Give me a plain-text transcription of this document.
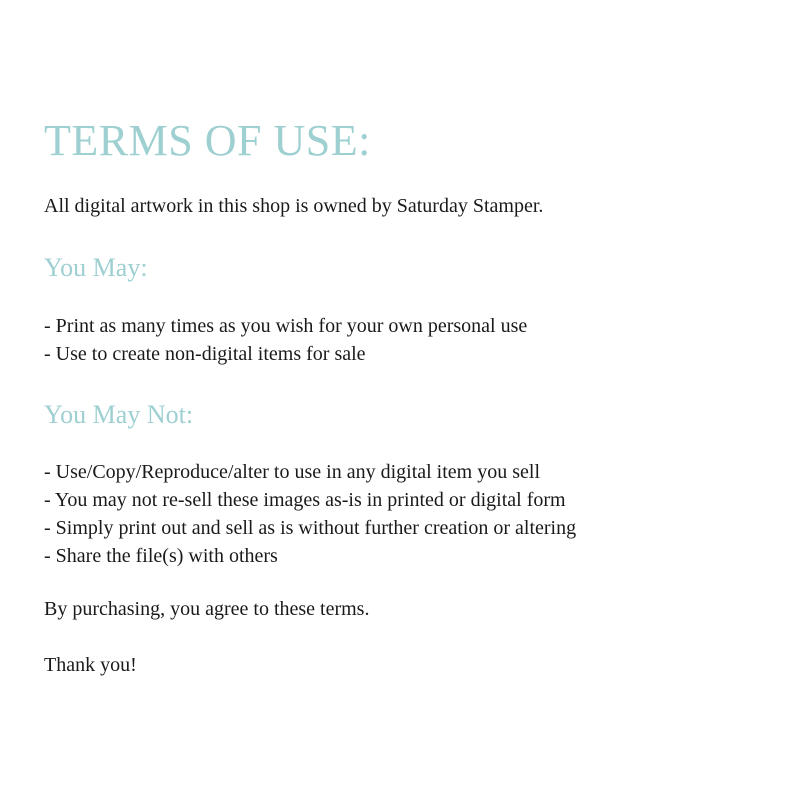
TERMS OF USE:

All digital artwork in this shop is owned by Saturday Stamper.

You May:
- Print as many times as you wish for your own personal use
- Use to create non-digital items for sale
You May Not:
- Use/Copy/Reproduce/alter to use in any digital item you sell
- You may not re-sell these images as-is in printed or digital form
- Simply print out and sell as is without further creation or altering
- Share the file(s) with others

By purchasing, you agree to these terms.

Thank you!
